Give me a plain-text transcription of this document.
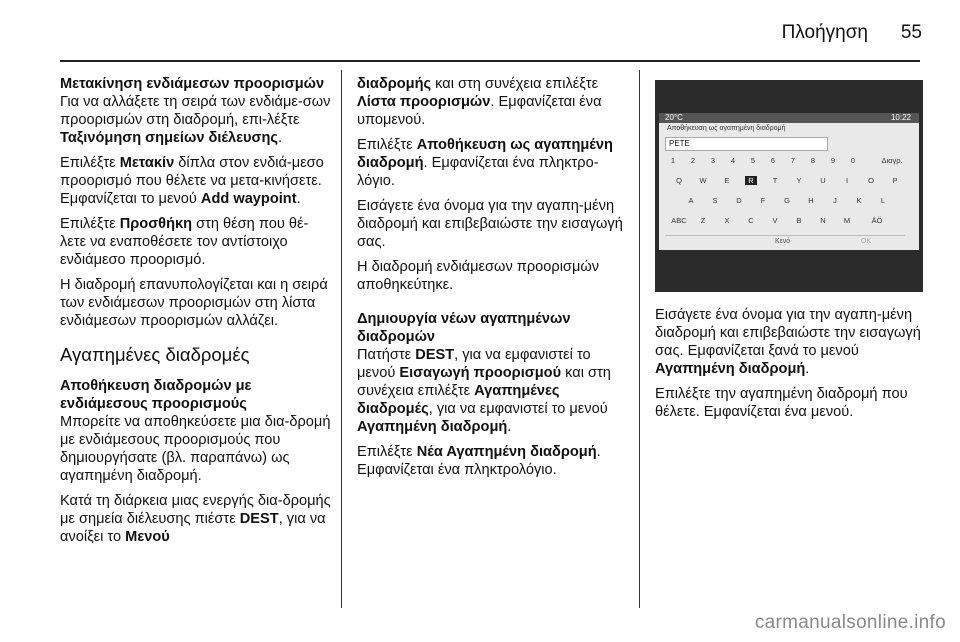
Πλοήγηση 55

Μετακίνηση ενδιάμεσων προορισμών

Για να αλλάξετε τη σειρά των ενδιάμε-σων προορισμών στη διαδρομή, επι-λέξτε Ταξινόμηση σημείων διέλευσης.

Επιλέξτε Μετακίν δίπλα στον ενδιά-μεσο προορισμό που θέλετε να μετα-κινήσετε. Εμφανίζεται το μενού Add waypoint.

Επιλέξτε Προσθήκη στη θέση που θέ-λετε να εναποθέσετε τον αντίστοιχο ενδιάμεσο προορισμό.

Η διαδρομή επανυπολογίζεται και η σειρά των ενδιάμεσων προορισμών στη λίστα ενδιάμεσων προορισμών αλλάζει.

Αγαπημένες διαδρομές

Αποθήκευση διαδρομών με ενδιάμεσους προορισμούς

Μπορείτε να αποθηκεύσετε μια δια-δρομή με ενδιάμεσους προορισμούς που δημιουργήσατε (βλ. παραπάνω) ως αγαπημένη διαδρομή.

Κατά τη διάρκεια μιας ενεργής δια-δρομής με σημεία διέλευσης πιέστε DEST, για να ανοίξει το Μενού

διαδρομής και στη συνέχεια επιλέξτε Λίστα προορισμών. Εμφανίζεται ένα υπομενού.

Επιλέξτε Αποθήκευση ως αγαπημένη διαδρομή. Εμφανίζεται ένα πληκτρο-λόγιο.

Εισάγετε ένα όνομα για την αγαπη-μένη διαδρομή και επιβεβαιώστε την εισαγωγή σας.

Η διαδρομή ενδιάμεσων προορισμών αποθηκεύτηκε.

Δημιουργία νέων αγαπημένων διαδρομών

Πατήστε DEST, για να εμφανιστεί το μενού Εισαγωγή προορισμού και στη συνέχεια επιλέξτε Αγαπημένες διαδρομές, για να εμφανιστεί το μενού Αγαπημένη διαδρομή.

Επιλέξτε Νέα Αγαπημένη διαδρομή. Εμφανίζεται ένα πληκτρολόγιο.

20°C	10:22
Αποθήκευση ως αγαπημένη διαδρομή
PETE
1	2	3	4	5	6	7	8	9	0	Διαγρ.
Q	W	E	R	T	Y	U	I	O	P
A	S	D	F	G	H	J	K	L
ABC	Z	X	C	V	B	N	M	ÄÖ
Κενό	OK

Εισάγετε ένα όνομα για την αγαπη-μένη διαδρομή και επιβεβαιώστε την εισαγωγή σας. Εμφανίζεται ξανά το μενού Αγαπημένη διαδρομή.

Επιλέξτε την αγαπημένη διαδρομή που θέλετε. Εμφανίζεται ένα μενού.

carmanualsonline.info
